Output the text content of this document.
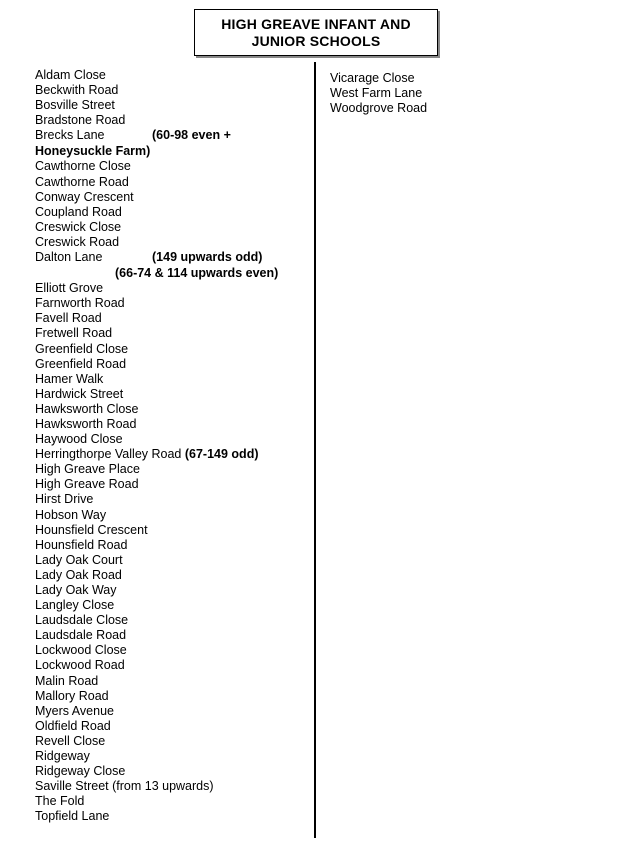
HIGH GREAVE INFANT AND
JUNIOR SCHOOLS
Aldam Close
Beckwith Road
Bosville Street
Bradstone Road
Brecks Lane	(60-98 even +
Honeysuckle Farm)
Cawthorne Close
Cawthorne Road
Conway Crescent
Coupland Road
Creswick Close
Creswick Road
Dalton Lane	(149 upwards odd)
(66-74 & 114 upwards even)
Elliott Grove
Farnworth Road
Favell Road
Fretwell Road
Greenfield Close
Greenfield Road
Hamer Walk
Hardwick Street
Hawksworth Close
Hawksworth Road
Haywood Close
Herringthorpe Valley Road (67-149 odd)
High Greave Place
High Greave Road
Hirst Drive
Hobson Way
Hounsfield Crescent
Hounsfield Road
Lady Oak Court
Lady Oak Road
Lady Oak Way
Langley Close
Laudsdale Close
Laudsdale Road
Lockwood Close
Lockwood Road
Malin Road
Mallory Road
Myers Avenue
Oldfield Road
Revell Close
Ridgeway
Ridgeway Close
Saville Street (from 13 upwards)
The Fold
Topfield Lane
Vicarage Close
West Farm Lane
Woodgrove Road
